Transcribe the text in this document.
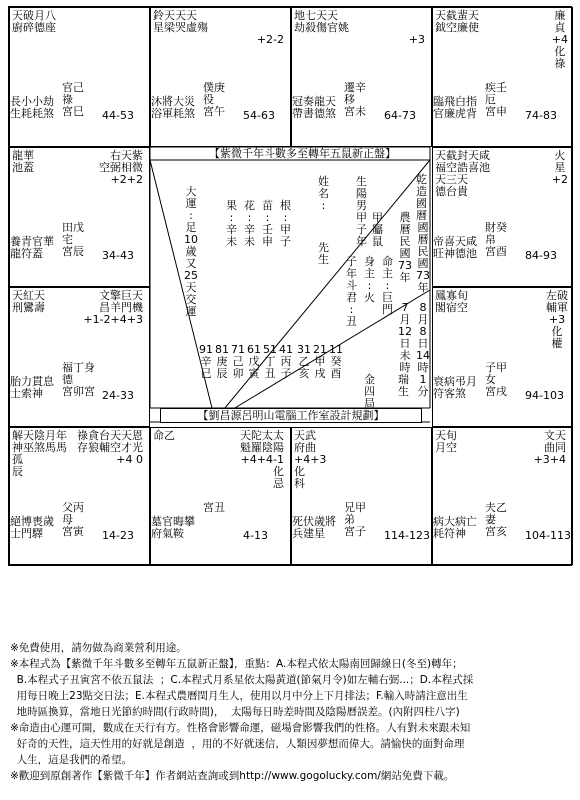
天破月八
廚碎德座
長小小劫
生耗耗煞
官己
祿
宮巳 44-53
鈴天天天
星梁哭虛殤
+2-2
沐將大災
浴軍耗煞
僕庚
役
宮午 54-63
地七天天
劫殺傷官姚
+3
冠奏龍天
帶書德煞
遷辛
移
宮未 64-73
天截蜚天
鉞空廉使
廉
貞
+4
化
祿
臨飛白指
官廉虎背
疾壬
厄
宮申 74-83
龍華
池蓋
右天紫
空弼相微
+2+2
養青官華
龍符蓋
田戊
宅
宮辰 34-43
天截封天咸
福空誥喜池
天三天
德台貴
火
星
+2
帝喜天咸
旺神德池
財癸
帛
宮酉 84-93
天紅天
刑鸞壽
文擎巨天
昌羊門機
+1-2+4+3
胎力貫息
士索神
福丁身
德
宮卯宮 24-33
鳳寡旬
閣宿空
左破
輔軍
+3
化
權
衰病弔月
符客煞
子甲
女
宮戌 94-103
解天陰月年
神巫煞馬馬
孤
辰
祿貪台天天恩
存狼輔空才光
+4 0
絕博喪歲
士門驛
父丙
母
宮寅 14-23
命乙	天陀太太
魁羅陰陽
+4+4-1
化
忌
墓官晦攀
府氣鞍
宮丑
4-13
天武
府曲
+4+3
化
科
死伏歲將
兵建星
兄甲
弟
宮子 114-123
天旬
月空
文天
曲同
+3+4
病大病亡
耗符神
夫乙
妻
宮亥 104-113
【紫微千年斗數多至轉年五鼠新正盤】
【劉昌源呂明山電腦工作室設計規劃】
大
運
:
足
10
歲
又
25
天
交
運
果
:
辛
未
花
:
辛
未
苗
:
壬
申
根
:
甲
子
姓
名
:
先
生
生
陽
男
甲
子
年
甲
屬
鼠
子
年
斗
君
:
丑
身
主
:
火
命
主
:
巨
門
乾
造
國
曆
農
曆
民
國
73
年
國
曆
民
國
73
年
7
月
12
日
未
時
8
月
8
日
14
時
1
分
瑞
生
金
四
局
91
辛
巳
81
庚
辰
71
己
卯
61
戊
寅
51
丁
丑
41
丙
子
31
乙
亥
21
甲
戌
11
癸
酉
※免費使用，請勿做為商業營利用途。
※本程式為【紫微千年斗數多至轉年五鼠新正盤】，重點：A.本程式依太陽南回歸線日(冬至)轉年；
B.本程式子丑寅宮不依五鼠法  ；C.本程式月系星依太陽黃道(節氣月令)如左輔右弼...；D.本程式採
用每日晚上23點交日法；E.本程式農曆閏月生人，使用以月中分上下月排法；F.輸入時請注意出生
地時區換算，當地日光節約時間(行政時間)，  太陽每日時差時間及陰陽曆誤差。(內附四柱八字)
※命造由心運可開，數成在天行有方。性格會影響命運，磁場會影響我們的性格。人有對未來跟未知
好奇的天性，這天性用的好就是創造  ，用的不好就迷信，人類因夢想而偉大。請愉快的面對命理
人生，這是我們的希望。
※歡迎到原創著作【紫微千年】作者網站查詢或到http://www.gogolucky.com/網站免費下載。
